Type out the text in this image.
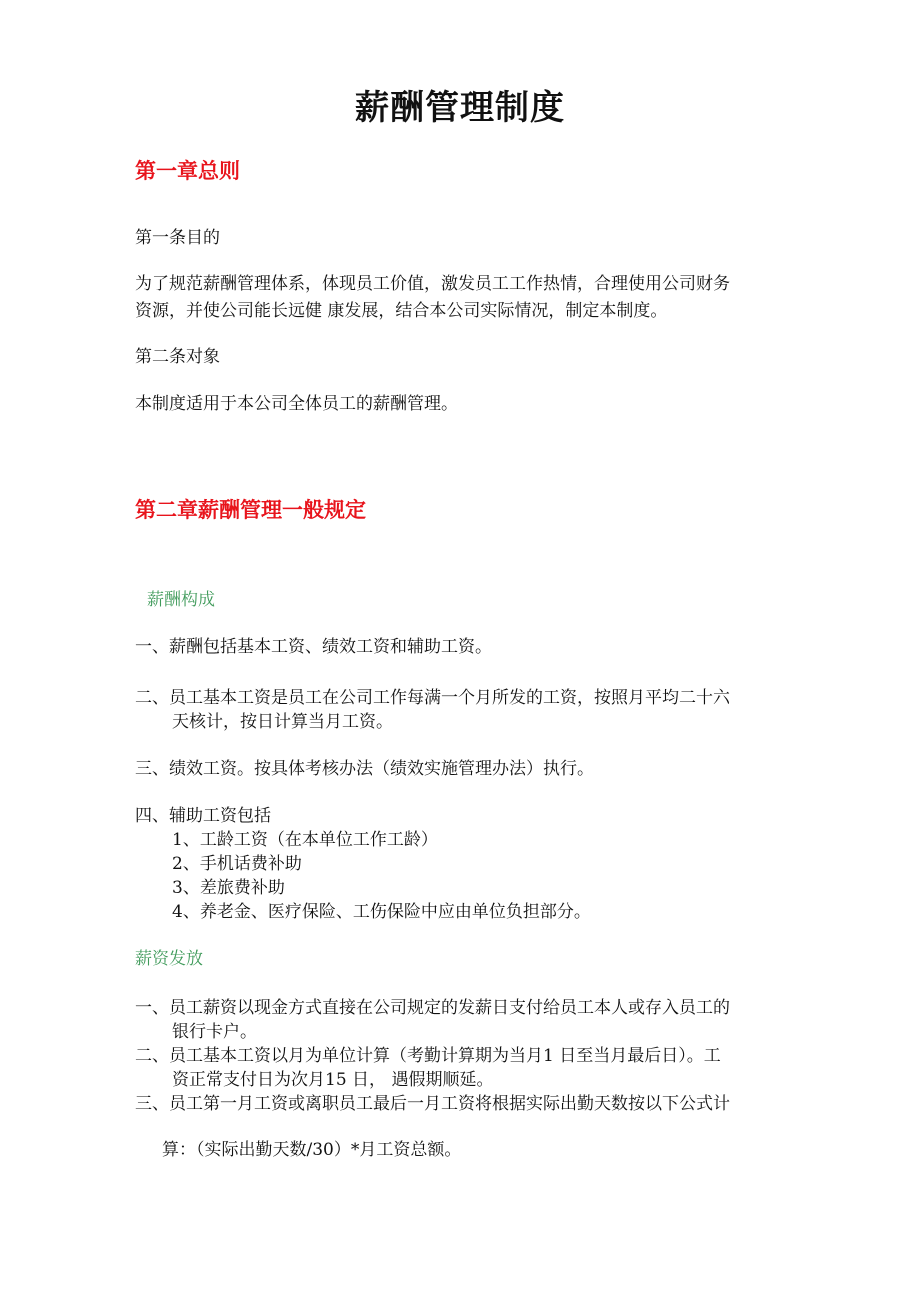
薪酬管理制度
第一章总则
第一条目的
为了规范薪酬管理体系，体现员工价值，激发员工工作热情，合理使用公司财务
资源，并使公司能长远健 康发展，结合本公司实际情况，制定本制度。
第二条对象
本制度适用于本公司全体员工的薪酬管理。
第二章薪酬管理一般规定
薪酬构成
一、薪酬包括基本工资、绩效工资和辅助工资。
二、员工基本工资是员工在公司工作每满一个月所发的工资，按照月平均二十六
天核计，按日计算当月工资。
三、绩效工资。按具体考核办法（绩效实施管理办法）执行。
四、辅助工资包括
1、工龄工资（在本单位工作工龄）
2、手机话费补助
3、差旅费补助
4、养老金、医疗保险、工伤保险中应由单位负担部分。
薪资发放
一、员工薪资以现金方式直接在公司规定的发薪日支付给员工本人或存入员工的
银行卡户。
二、员工基本工资以月为单位计算（考勤计算期为当月1 日至当月最后日）。工
资正常支付日为次月15 日， 遇假期顺延。
三、员工第一月工资或离职员工最后一月工资将根据实际出勤天数按以下公式计
算：（实际出勤天数/30）*月工资总额。
